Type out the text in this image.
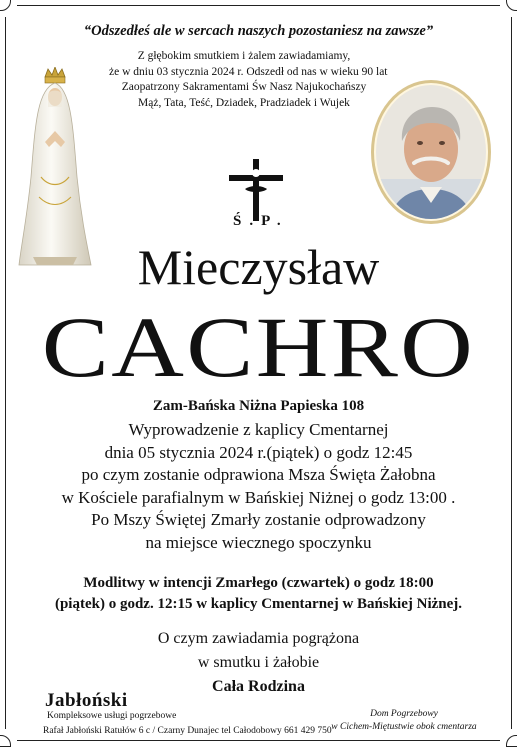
“Odszedłeś ale w sercach naszych pozostaniesz na zawsze”
Z głębokim smutkiem i żalem zawiadamiamy,
że w dniu 03 stycznia 2024 r. Odszedł od nas w wieku 90 lat
Zaopatrzony Sakramentami Św Nasz Najukochańszy
Mąż, Tata, Teść, Dziadek, Pradziadek i Wujek
Ś.P.
Mieczysław
CACHRO
Zam-Bańska Niżna Papieska 108
Wyprowadzenie z kaplicy Cmentarnej
dnia 05 stycznia 2024 r.(piątek) o godz 12:45
po czym zostanie odprawiona Msza Święta Żałobna
w Kościele parafialnym w Bańskiej Niżnej o godz 13:00 .
Po Mszy Świętej Zmarły zostanie odprowadzony
na miejsce wiecznego spoczynku
Modlitwy w intencji Zmarłego (czwartek) o godz 18:00
(piątek) o godz. 12:15 w kaplicy Cmentarnej w Bańskiej Niżnej.
O czym zawiadamia pogrążona
w smutku i żałobie
Cała Rodzina
Jabłoński
Kompleksowe usługi pogrzebowe
Rafał Jabłoński Ratułów 6 c / Czarny Dunajec tel Całodobowy 661 429 750
Dom Pogrzebowy
w Cichem-Miętustwie obok cmentarza
